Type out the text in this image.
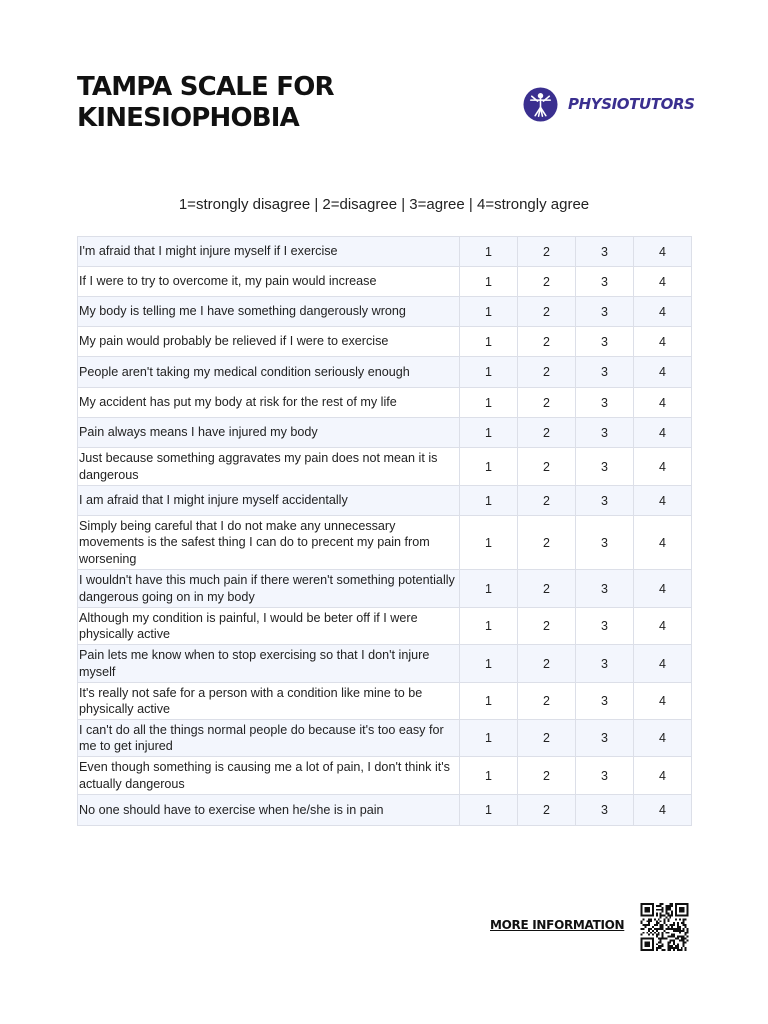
TAMPA SCALE FOR
KINESIOPHOBIA	PHYSIOTUTORS
1=strongly disagree | 2=disagree | 3=agree | 4=strongly agree
I'm afraid that I might injure myself if I exercise	1	2	3	4
If I were to try to overcome it, my pain would increase	1	2	3	4
My body is telling me I have something dangerously wrong	1	2	3	4
My pain would probably be relieved if I were to exercise	1	2	3	4
People aren't taking my medical condition seriously enough	1	2	3	4
My accident has put my body at risk for the rest of my life	1	2	3	4
Pain always means I have injured my body	1	2	3	4
Just because something aggravates my pain does not mean it is dangerous	1	2	3	4
I am afraid that I might injure myself accidentally	1	2	3	4
Simply being careful that I do not make any unnecessary movements is the safest thing I can do to precent my pain from worsening	1	2	3	4
I wouldn't have this much pain if there weren't something potentially dangerous going on in my body	1	2	3	4
Although my condition is painful, I would be beter off if I were physically active	1	2	3	4
Pain lets me know when to stop exercising so that I don't injure myself	1	2	3	4
It's really not safe for a person with a condition like mine to be physically active	1	2	3	4
I can't do all the things normal people do because it's too easy for me to get injured	1	2	3	4
Even though something is causing me a lot of pain, I don't think it's actually dangerous	1	2	3	4
No one should have to exercise when he/she is in pain	1	2	3	4
MORE INFORMATION
